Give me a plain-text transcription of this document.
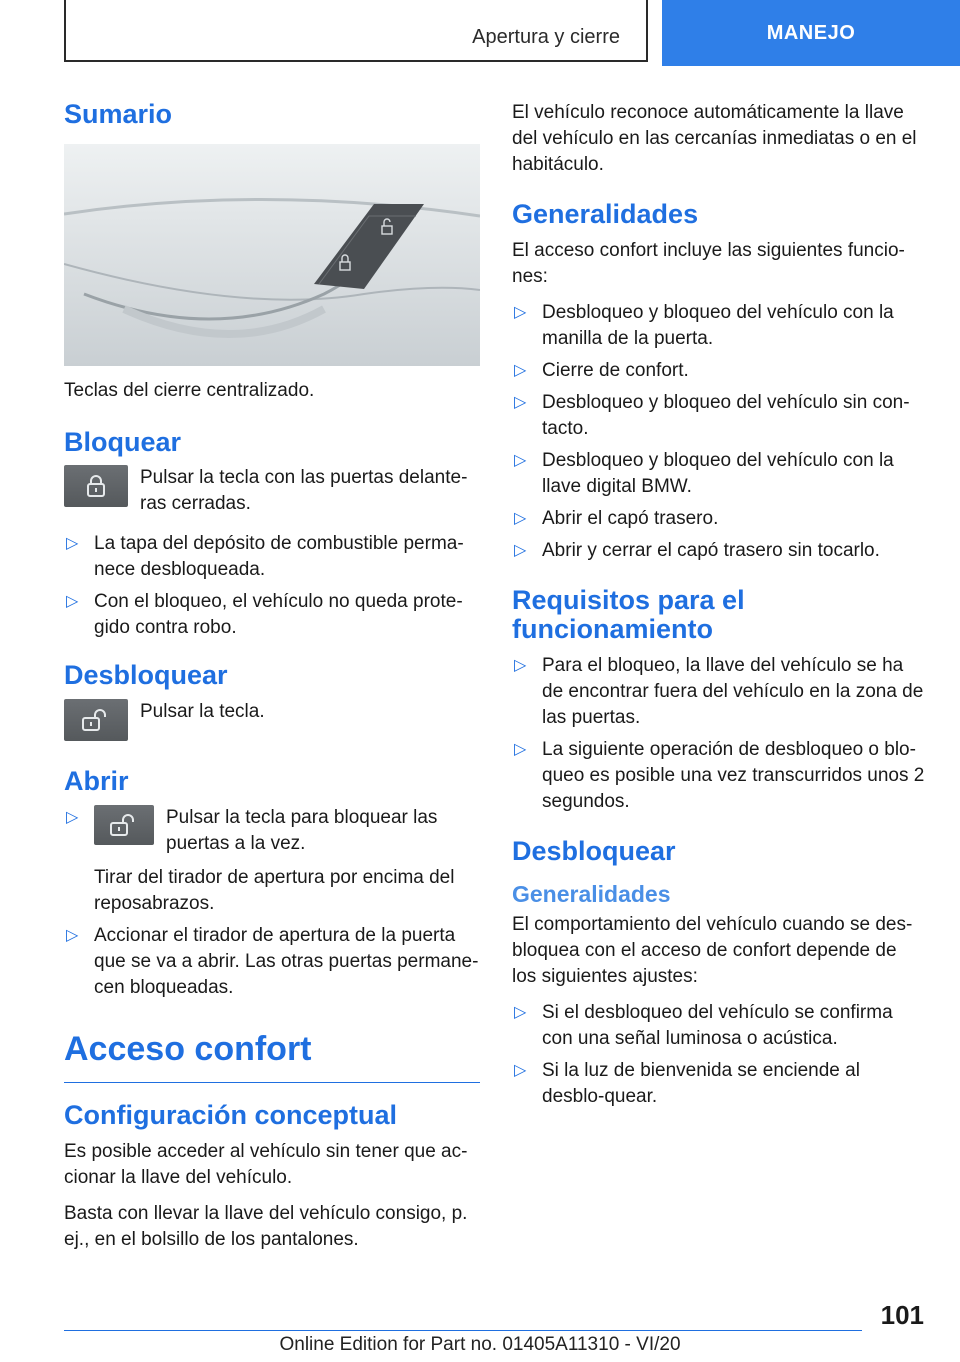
Apertura y cierre	MANEJO
Sumario
Teclas del cierre centralizado.
Bloquear

Pulsar la tecla con las puertas delante-ras cerradas.

▷ La tapa del depósito de combustible perma-nece desbloqueada.
▷ Con el bloqueo, el vehículo no queda prote-gido contra robo.
Desbloquear

Pulsar la tecla.

Abrir
▷	Pulsar la tecla para bloquear las puertas a la vez.
Tirar del tirador de apertura por encima del reposabrazos.
▷ Accionar el tirador de apertura de la puerta que se va a abrir. Las otras puertas permane-cen bloqueadas.
Acceso confort
Configuración conceptual

Es posible acceder al vehículo sin tener que ac-cionar la llave del vehículo.

Basta con llevar la llave del vehículo consigo, p. ej., en el bolsillo de los pantalones.

El vehículo reconoce automáticamente la llave del vehículo en las cercanías inmediatas o en el habitáculo.

Generalidades

El acceso confort incluye las siguientes funcio-nes:

▷ Desbloqueo y bloqueo del vehículo con la manilla de la puerta.
▷ Cierre de confort.
▷ Desbloqueo y bloqueo del vehículo sin con-tacto.
▷ Desbloqueo y bloqueo del vehículo con la llave digital BMW.
▷ Abrir el capó trasero.
▷ Abrir y cerrar el capó trasero sin tocarlo.
Requisitos para el funcionamiento
▷ Para el bloqueo, la llave del vehículo se ha de encontrar fuera del vehículo en la zona de las puertas.
▷ La siguiente operación de desbloqueo o blo-queo es posible una vez transcurridos unos 2 segundos.
Desbloquear
Generalidades

El comportamiento del vehículo cuando se des-bloquea con el acceso de confort depende de los siguientes ajustes:

▷ Si el desbloqueo del vehículo se confirma con una señal luminosa o acústica.
▷ Si la luz de bienvenida se enciende al desblo-quear.
101
Online Edition for Part no. 01405A11310 - VI/20
